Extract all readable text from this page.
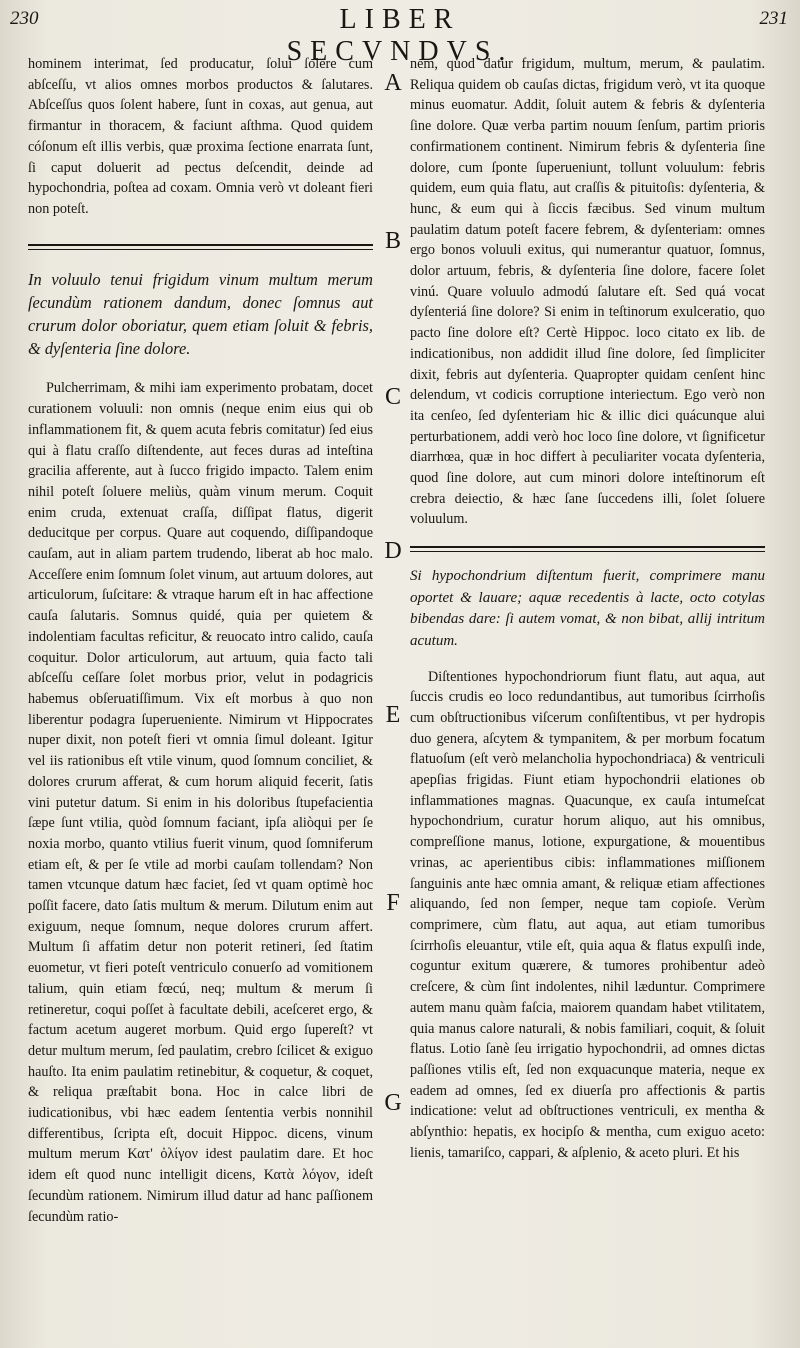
230	LIBER SECVNDVS.
231

hominem interimat, ſed producatur, ſolui ſolere cum abſceſſu, vt alios omnes morbos productos & ſalutares. Abſceſſus quos ſolent habere, ſunt in coxas, aut genua, aut firmantur in thoracem, & faciunt aſthma. Quod quidem cóſonum eſt illis verbis, quæ proxima ſectione enarrata ſunt, ſi caput doluerit ad pectus deſcendit, deinde ad hypochondria, poſtea ad coxam. Omnia verò vt doleant fieri non poteſt.

In voluulo tenui frigidum vinum multum merum ſecundùm rationem dandum, donec ſomnus aut crurum dolor oboriatur, quem etiam ſoluit & febris, & dyſenteria ſine dolore.

Pulcherrimam, & mihi iam experimento probatam, docet curationem voluuli: non omnis (neque enim eius qui ob inflammationem fit, & quem acuta febris comitatur) ſed eius qui à flatu craſſo diſtendente, aut feces duras ad inteſtina gracilia afferente, aut à ſucco frigido impacto. Talem enim nihil poteſt ſoluere meliùs, quàm vinum merum. Coquit enim cruda, extenuat craſſa, diſſipat flatus, digerit deducitque per corpus. Quare aut coquendo, diſſipandoque cauſam, aut in aliam partem trudendo, liberat ab hoc malo. Acceſſere enim ſomnum ſolet vinum, aut artuum dolores, aut articulorum, ſuſcitare: & vtraque harum eſt in hac affectione cauſa ſalutaris. Somnus quidé, quia per quietem & indolentiam facultas reficitur, & reuocato intro calido, cauſa coquitur. Dolor articulorum, aut artuum, quia facto tali abſceſſu ceſſare ſolet morbus prior, velut in podagricis habemus obſeruatiſſimum. Vix eſt morbus à quo non liberentur podagra ſuperuenientе. Nimirum vt Hippocrates nuper dixit, non poteſt fieri vt omnia ſimul doleant. Igitur vel iis rationibus eſt vtile vinum, quod ſomnum conciliet, & dolores crurum afferat, & cum horum aliquid fecerit, ſatis vini putetur datum. Si enim in his doloribus ſtupefacientia ſæpe ſunt vtilia, quòd ſomnum faciant, ipſa aliòqui per ſe noxia morbo, quanto vtilius fuerit vinum, quod ſomniferum etiam eſt, & per ſe vtile ad morbi cauſam tollendam? Non tamen vtcunque datum hæc faciet, ſed vt quam optimè hoc poſſit facere, dato ſatis multum & merum. Dilutum enim aut exiguum, neque ſomnum, neque dolores crurum affert. Multum ſi affatim detur non poterit retineri, ſed ſtatim euometur, vt fieri poteſt ventriculo conuerſo ad vomitionem talium, quin etiam fœcú, neq; multum & merum ſi retineretur, coqui poſſet à facultate debili, aceſceret ergo, & factum acetum augeret morbum. Quid ergo ſupereſt? vt detur multum merum, ſed paulatim, crebro ſcilicet & exiguo hauſto. Ita enim paulatim retinebitur, & coquetur, & coquet, & reliqua præſtabit bona. Hoc in calce libri de iudicationibus, vbi hæc eadem ſententia verbis nonnihil differentibus, ſcripta eſt, docuit Hippoc. dicens, vinum multum merum Κατ' ὀλίγον idest paulatim dare. Et hoc idem eſt quod nunc intelligit dicens, Κατὰ λόγον, ideſt ſecundùm rationem. Nimirum illud datur ad hanc paſſionem ſecundùm ratio-

nem, quod datur frigidum, multum, merum, & paulatim. Reliqua quidem ob cauſas dictas, frigidum verò, vt ita quoque minus euomatur. Addit, ſoluit autem & febris & dyſenteria ſine dolore. Quæ verba partim nouum ſenſum, partim prioris confirmationem continent. Nimirum febris & dyſenteria ſine dolore, cum ſponte ſuperueniunt, tollunt voluulum: febris quidem, eum quia flatu, aut craſſis & pituitoſis: dyſenteria, & hunc, & eum qui à ſiccis fæcibus. Sed vinum multum paulatim datum poteſt facere febrem, & dyſenteriam: omnes ergo bonos voluuli exitus, qui numerantur quatuor, ſomnus, dolor artuum, febris, & dyſenteria ſine dolore, facere ſolet vinú. Quare voluulo admodú ſalutare eſt. Sed quá vocat dyſenteriá ſine dolore? Si enim in teſtinorum exulceratio, quo pacto ſine dolore eſt? Certè Hippoc. loco citato ex lib. de indicationibus, non addidit illud ſine dolore, ſed ſimpliciter dixit, febris aut dyſenteria. Quapropter quidam cenſent hinc delendum, vt codicis corruptione interiectum. Ego verò non ita cenſeo, ſed dyſenteriam hic & illic dici quácunque alui perturbationem, addi verò hoc loco ſine dolore, vt ſignificetur diarrhœa, quæ in hoc differt à peculiariter vocata dyſenteria, quod ſine dolore, aut cum minori dolore inteſtinorum eſt crebra deiectio, & hæc ſane ſuccedens illi, ſolet ſoluere voluulum.

Si hypochondrium diſtentum fuerit, comprimere manu oportet & lauare; aquæ recedentis à lacte, octo cotylas bibendas dare: ſi autem vomat, & non bibat, allij intritum acutum.

Diſtentiones hypochondriorum fiunt flatu, aut aqua, aut ſuccis crudis eo loco redundantibus, aut tumoribus ſcirrhoſis cum obſtructionibus viſcerum conſiſtentibus, vt per hydropis duo genera, aſcytem & tympanitem, & per morbum focatum flatuoſum (eſt verò melancholia hypochondriaca) & ventriculi apepſias frigidas. Fiunt etiam hypochondrii elationes ob inflammationes magnas. Quacunque, ex cauſa intumeſcat hypochondrium, curatur horum aliquo, aut his omnibus, compreſſione manus, lotione, expurgatione, & mouentibus vrinas, ac aperientibus cibis: inflammationes miſſionem ſanguinis ante hæc omnia amant, & reliquæ etiam affectiones aliquando, ſed non ſemper, neque tam copioſe. Verùm comprimere, cùm flatu, aut aqua, aut etiam tumoribus ſcirrhoſis eleuantur, vtile eſt, quia aqua & flatus expulſi inde, coguntur exitum quærere, & tumores prohibentur adeò creſcere, & cùm ſint indolentes, nihil læduntur. Comprimere autem manu quàm faſcia, maiorem quandam habet vtilitatem, quia manus calore naturali, & nobis familiari, coquit, & ſoluit flatus. Lotio ſanè ſeu irrigatio hypochondrii, ad omnes dictas paſſiones vtilis eſt, ſed non exquacunque materia, neque ex eadem ad omnes, ſed ex diuerſa pro affectionis & partis indicatione: velut ad obſtructiones ventriculi, ex mentha & abſynthio: hepatis, ex hocipſo & mentha, cum exiguo aceto: lienis, tamariſco, cappari, & aſplenio, & aceto pluri. Et his

A
B
C
D
E
F
G
